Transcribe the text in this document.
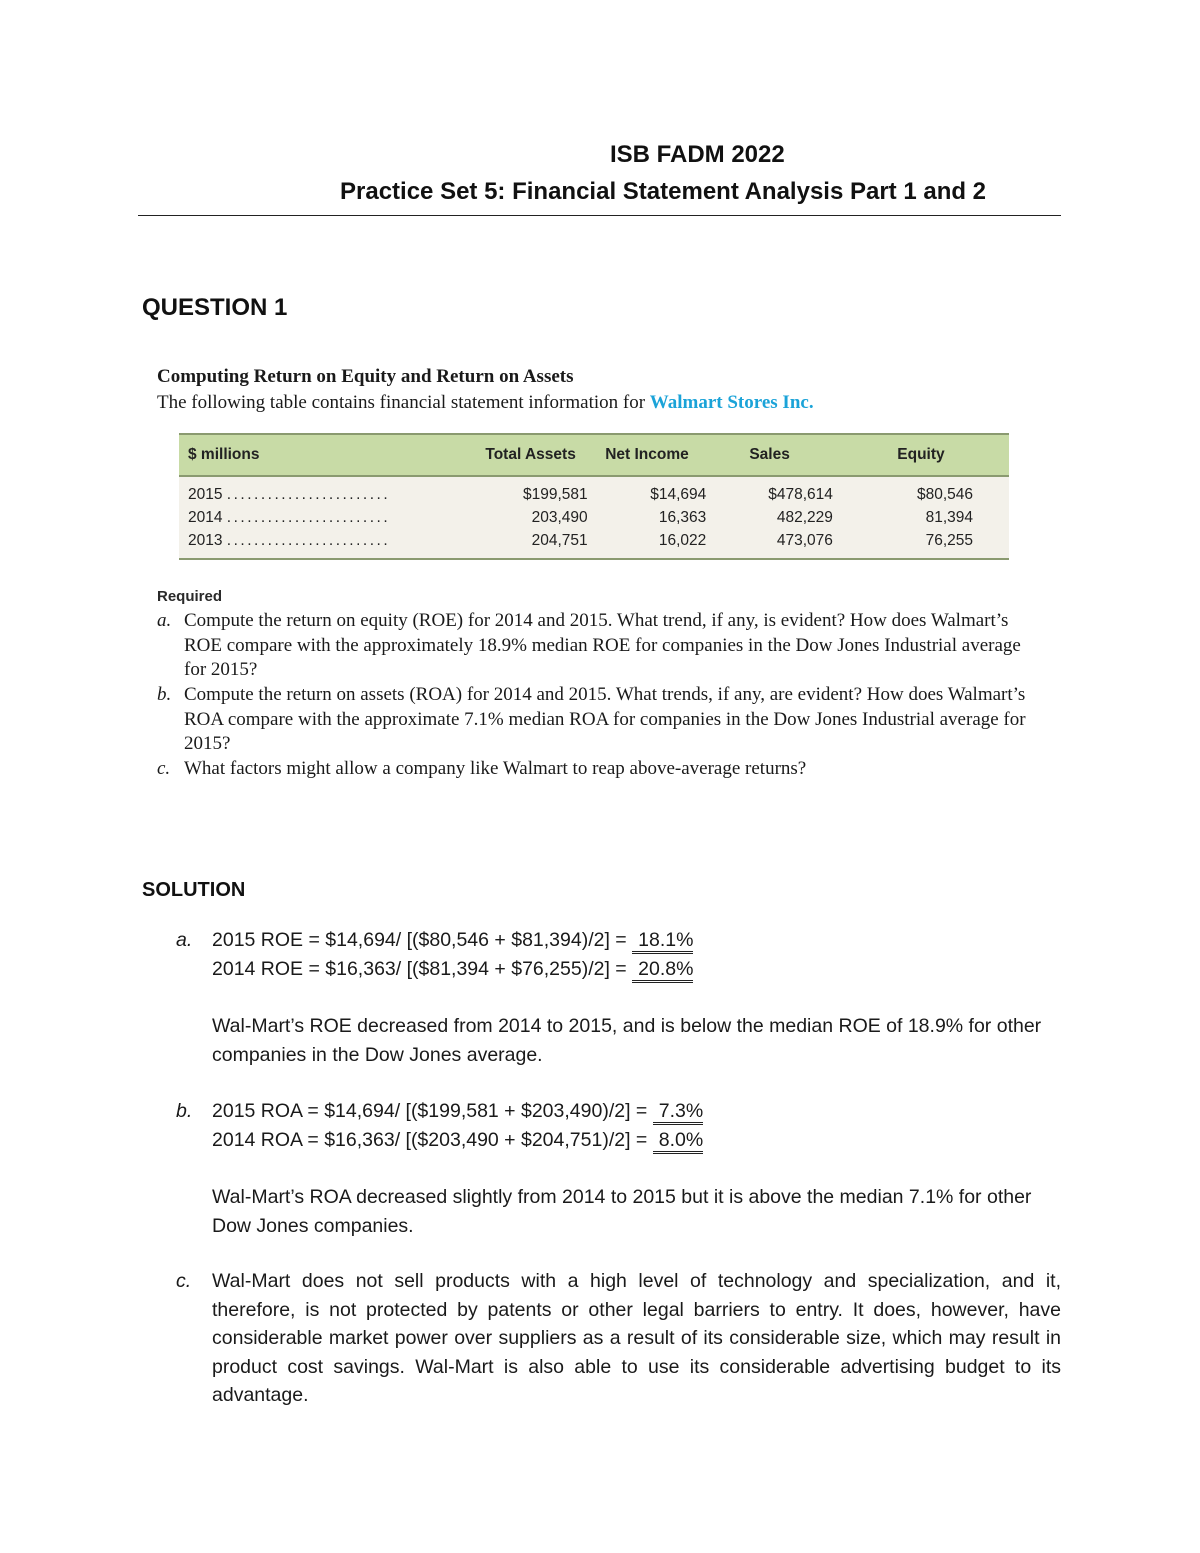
ISB FADM 2022
Practice Set 5: Financial Statement Analysis Part 1 and 2
QUESTION 1
Computing Return on Equity and Return on Assets
The following table contains financial statement information for Walmart Stores Inc.
$ millions	Total Assets	Net Income	Sales	Equity
2015 ........................	$199,581	$14,694	$478,614	$80,546
2014 ........................	203,490	16,363	482,229	81,394
2013 ........................	204,751	16,022	473,076	76,255
Required
a. Compute the return on equity (ROE) for 2014 and 2015. What trend, if any, is evident? How does Walmart’s ROE compare with the approximately 18.9% median ROE for companies in the Dow Jones Industrial average for 2015?
b. Compute the return on assets (ROA) for 2014 and 2015. What trends, if any, are evident? How does Walmart’s ROA compare with the approximate 7.1% median ROA for companies in the Dow Jones Industrial average for 2015?
c. What factors might allow a company like Walmart to reap above-average returns?
SOLUTION
a. 2015 ROE = $14,694/ [($80,546 + $81,394)/2] = 18.1%
2014 ROE = $16,363/ [($81,394 + $76,255)/2] = 20.8%
Wal-Mart’s ROE decreased from 2014 to 2015, and is below the median ROE of 18.9% for other companies in the Dow Jones average.
b. 2015 ROA = $14,694/ [($199,581 + $203,490)/2] = 7.3%
2014 ROA = $16,363/ [($203,490 + $204,751)/2] = 8.0%
Wal-Mart’s ROA decreased slightly from 2014 to 2015 but it is above the median 7.1% for other Dow Jones companies.
c. Wal-Mart does not sell products with a high level of technology and specialization, and it, therefore, is not protected by patents or other legal barriers to entry. It does, however, have considerable market power over suppliers as a result of its considerable size, which may result in product cost savings. Wal-Mart is also able to use its considerable advertising budget to its advantage.
